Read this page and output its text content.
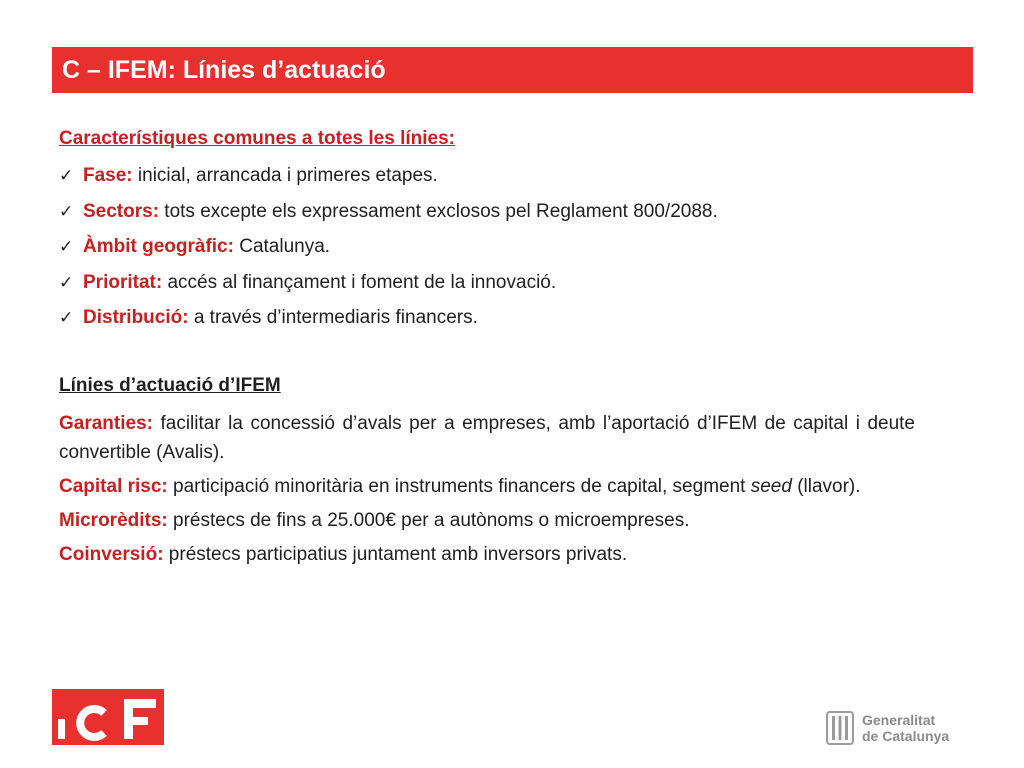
C – IFEM: Línies d’actuació
Característiques comunes a totes les línies:
✓ Fase: inicial, arrancada i primeres etapes.
✓ Sectors: tots excepte els expressament exclosos pel Reglament 800/2088.
✓ Àmbit geogràfic: Catalunya.
✓ Prioritat: accés al finançament i foment de la innovació.
✓ Distribució: a través d’intermediaris financers.
Línies d’actuació d’IFEM

Garanties: facilitar la concessió d’avals per a empreses, amb l’aportació d’IFEM de capital i deute convertible (Avalis).

Capital risc: participació minoritària en instruments financers de capital, segment seed (llavor).

Microrèdits: préstecs de fins a 25.000€ per a autònoms o microempreses.

Coinversió: préstecs participatius juntament amb inversors privats.

Generalitat
de Catalunya
